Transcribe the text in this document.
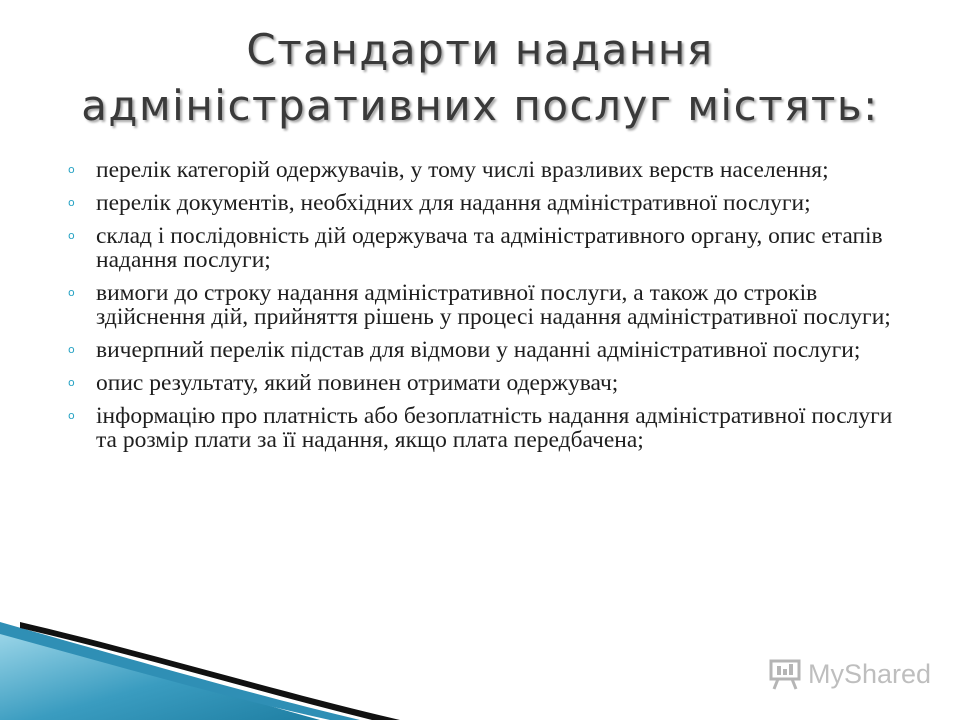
Стандарти надання адміністративних послуг містять:
o перелік категорій одержувачів, у тому числі вразливих верств населення;
o перелік документів, необхідних для надання адміністративної послуги;
o склад і послідовність дій одержувача та адміністративного органу, опис етапів надання послуги;
o вимоги до строку надання адміністративної послуги, а також до строків здійснення дій, прийняття рішень у процесі надання адміністративної послуги;
o вичерпний перелік підстав для відмови у наданні адміністративної послуги;
o опис результату, який повинен отримати одержувач;
o інформацію про платність або безоплатність надання адміністративної послуги та розмір плати за її надання, якщо плата передбачена;
MyShared
